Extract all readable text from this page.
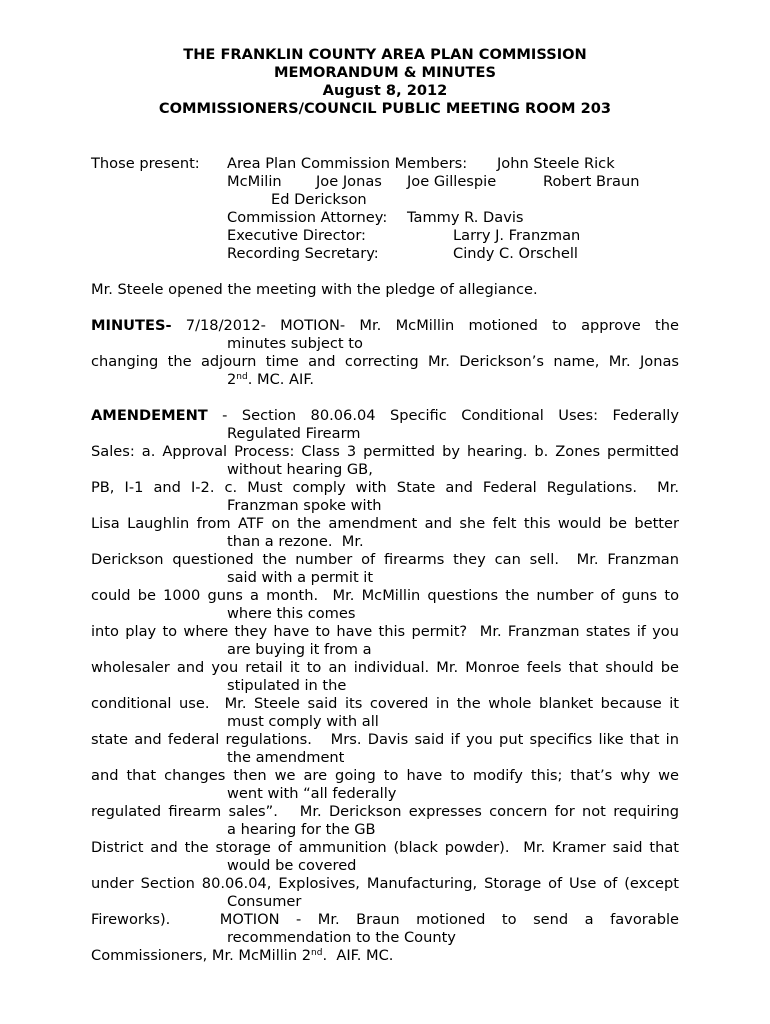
THE FRANKLIN COUNTY AREA PLAN COMMISSION
MEMORANDUM & MINUTES
August 8, 2012
COMMISSIONERS/COUNCIL PUBLIC MEETING ROOM 203
Those present: Area Plan Commission Members: John Steele Rick
McMilin Joe Jonas Joe Gillespie	Robert Braun
Ed Derickson
Commission Attorney: Tammy R. Davis
Executive Director:	Larry J. Franzman
Recording Secretary:	Cindy C. Orschell
Mr. Steele opened the meeting with the pledge of allegiance.
MINUTES- 7/18/2012- MOTION- Mr. McMillin motioned to approve the
minutes subject to
changing the adjourn time and correcting Mr. Derickson’s name, Mr. Jonas
2nd. MC. AIF.
AMENDEMENT - Section 80.06.04 Specific Conditional Uses: Federally
Regulated Firearm
Sales: a. Approval Process: Class 3 permitted by hearing. b. Zones permitted
without hearing GB,
PB, I-1 and I-2. c. Must comply with State and Federal Regulations.  Mr.
Franzman spoke with
Lisa Laughlin from ATF on the amendment and she felt this would be better
than a rezone.  Mr.
Derickson questioned the number of firearms they can sell.  Mr. Franzman
said with a permit it
could be 1000 guns a month.  Mr. McMillin questions the number of guns to
where this comes
into play to where they have to have this permit?  Mr. Franzman states if you
are buying it from a
wholesaler and you retail it to an individual. Mr. Monroe feels that should be
stipulated in the
conditional use.  Mr. Steele said its covered in the whole blanket because it
must comply with all
state and federal regulations.   Mrs. Davis said if you put specifics like that in
the amendment
and that changes then we are going to have to modify this; that’s why we
went with “all federally
regulated firearm sales”.   Mr. Derickson expresses concern for not requiring
a hearing for the GB
District and the storage of ammunition (black powder).  Mr. Kramer said that
would be covered
under Section 80.06.04, Explosives, Manufacturing, Storage of Use of (except
Consumer
Fireworks).      MOTION  -  Mr.  Braun  motioned  to  send  a  favorable
recommendation to the County
Commissioners, Mr. McMillin 2nd.  AIF. MC.
